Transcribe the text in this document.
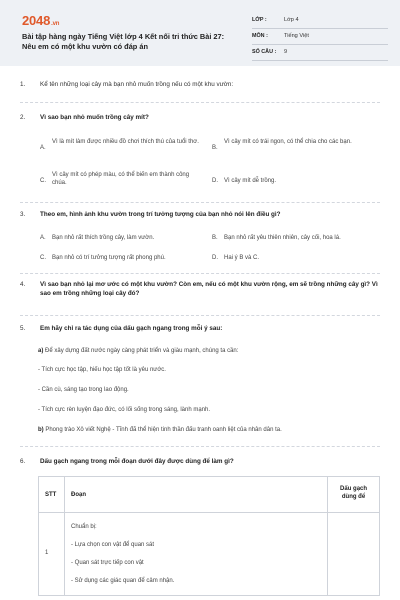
2048.vn
Bài tập hàng ngày Tiếng Việt lớp 4 Kết nối tri thức Bài 27: Nêu em có một khu vườn có đáp án
LỚP :	Lớp 4
MÔN :	Tiếng Việt
SỐ CÂU : 9
1. Kể tên những loại cây mà bạn nhỏ muốn trồng nếu có một khu vườn:
2. Vì sao bạn nhỏ muốn trồng cây mít?
A.
Vì là mít làm được nhiều đồ chơi thích thú của tuổi thơ.
B.
Vì cây mít có trái ngon, có thể chia cho các bạn.
C.
Vì cây mít có phép màu, có thể biến em thành công chúa.	D. Vì cây mít dễ trồng.
3. Theo em, hình ảnh khu vườn trong trí tưởng tượng của bạn nhỏ nói lên điều gì?
A. Bạn nhỏ rất thích trồng cây, làm vườn.	B. Bạn nhỏ rất yêu thiên nhiên, cây cối, hoa lá.
C. Bạn nhỏ có trí tưởng tượng rất phong phú.	D. Hai ý B và C.
4. Vì sao bạn nhỏ lại mơ ước có một khu vườn? Còn em, nếu có một khu vườn rộng, em sẽ trồng những cây gì? Vì sao em trồng những loại cây đó?
5. Em hãy chỉ ra tác dụng của dấu gạch ngang trong mỗi ý sau:
a) Để xây dựng đất nước ngày càng phát triển và giàu mạnh, chúng ta cần:
- Tích cực học tập, hiếu học tập tốt là yêu nước.
- Cần cù, sáng tạo trong lao động.
- Tích cực rèn luyện đạo đức, có lối sống trong sáng, lành mạnh.
b) Phong trào Xô viết Nghệ - Tĩnh đã thể hiện tinh thần đấu tranh oanh liệt của nhân dân ta.
6. Dấu gạch ngang trong mỗi đoạn dưới đây được dùng để làm gì?
STT	Đoạn	Dấu gạch dùng để
1	Chuẩn bị:
- Lựa chọn con vật để quan sát
- Quan sát trực tiếp con vật
- Sử dụng các giác quan để cảm nhận.	
